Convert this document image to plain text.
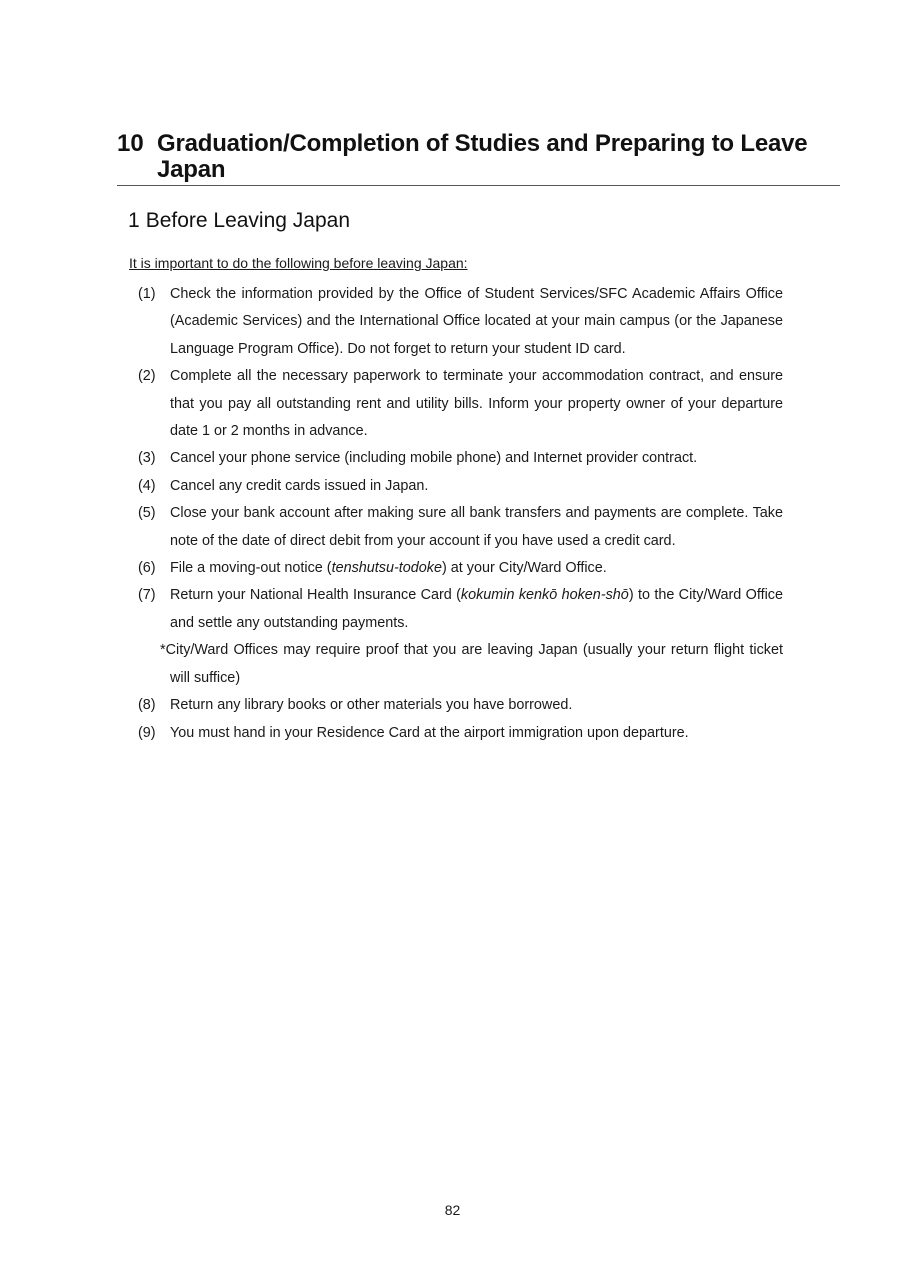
10 Graduation/Completion of Studies and Preparing to Leave Japan
1 Before Leaving Japan
It is important to do the following before leaving Japan:
(1)	Check the information provided by the Office of Student Services/SFC Academic Affairs Office (Academic Services) and the International Office located at your main campus (or the Japanese Language Program Office). Do not forget to return your student ID card.
(2)	Complete all the necessary paperwork to terminate your accommodation contract, and ensure that you pay all outstanding rent and utility bills. Inform your property owner of your departure date 1 or 2 months in advance.
(3)	Cancel your phone service (including mobile phone) and Internet provider contract.
(4)	Cancel any credit cards issued in Japan.
(5)	Close your bank account after making sure all bank transfers and payments are complete. Take note of the date of direct debit from your account if you have used a credit card.
(6)	File a moving-out notice (tenshutsu-todoke) at your City/Ward Office.
(7)	Return your National Health Insurance Card (kokumin kenkō hoken-shō) to the City/Ward Office and settle any outstanding payments.
*City/Ward Offices may require proof that you are leaving Japan (usually your return flight ticket will suffice)
(8)	Return any library books or other materials you have borrowed.
(9)	You must hand in your Residence Card at the airport immigration upon departure.
82
